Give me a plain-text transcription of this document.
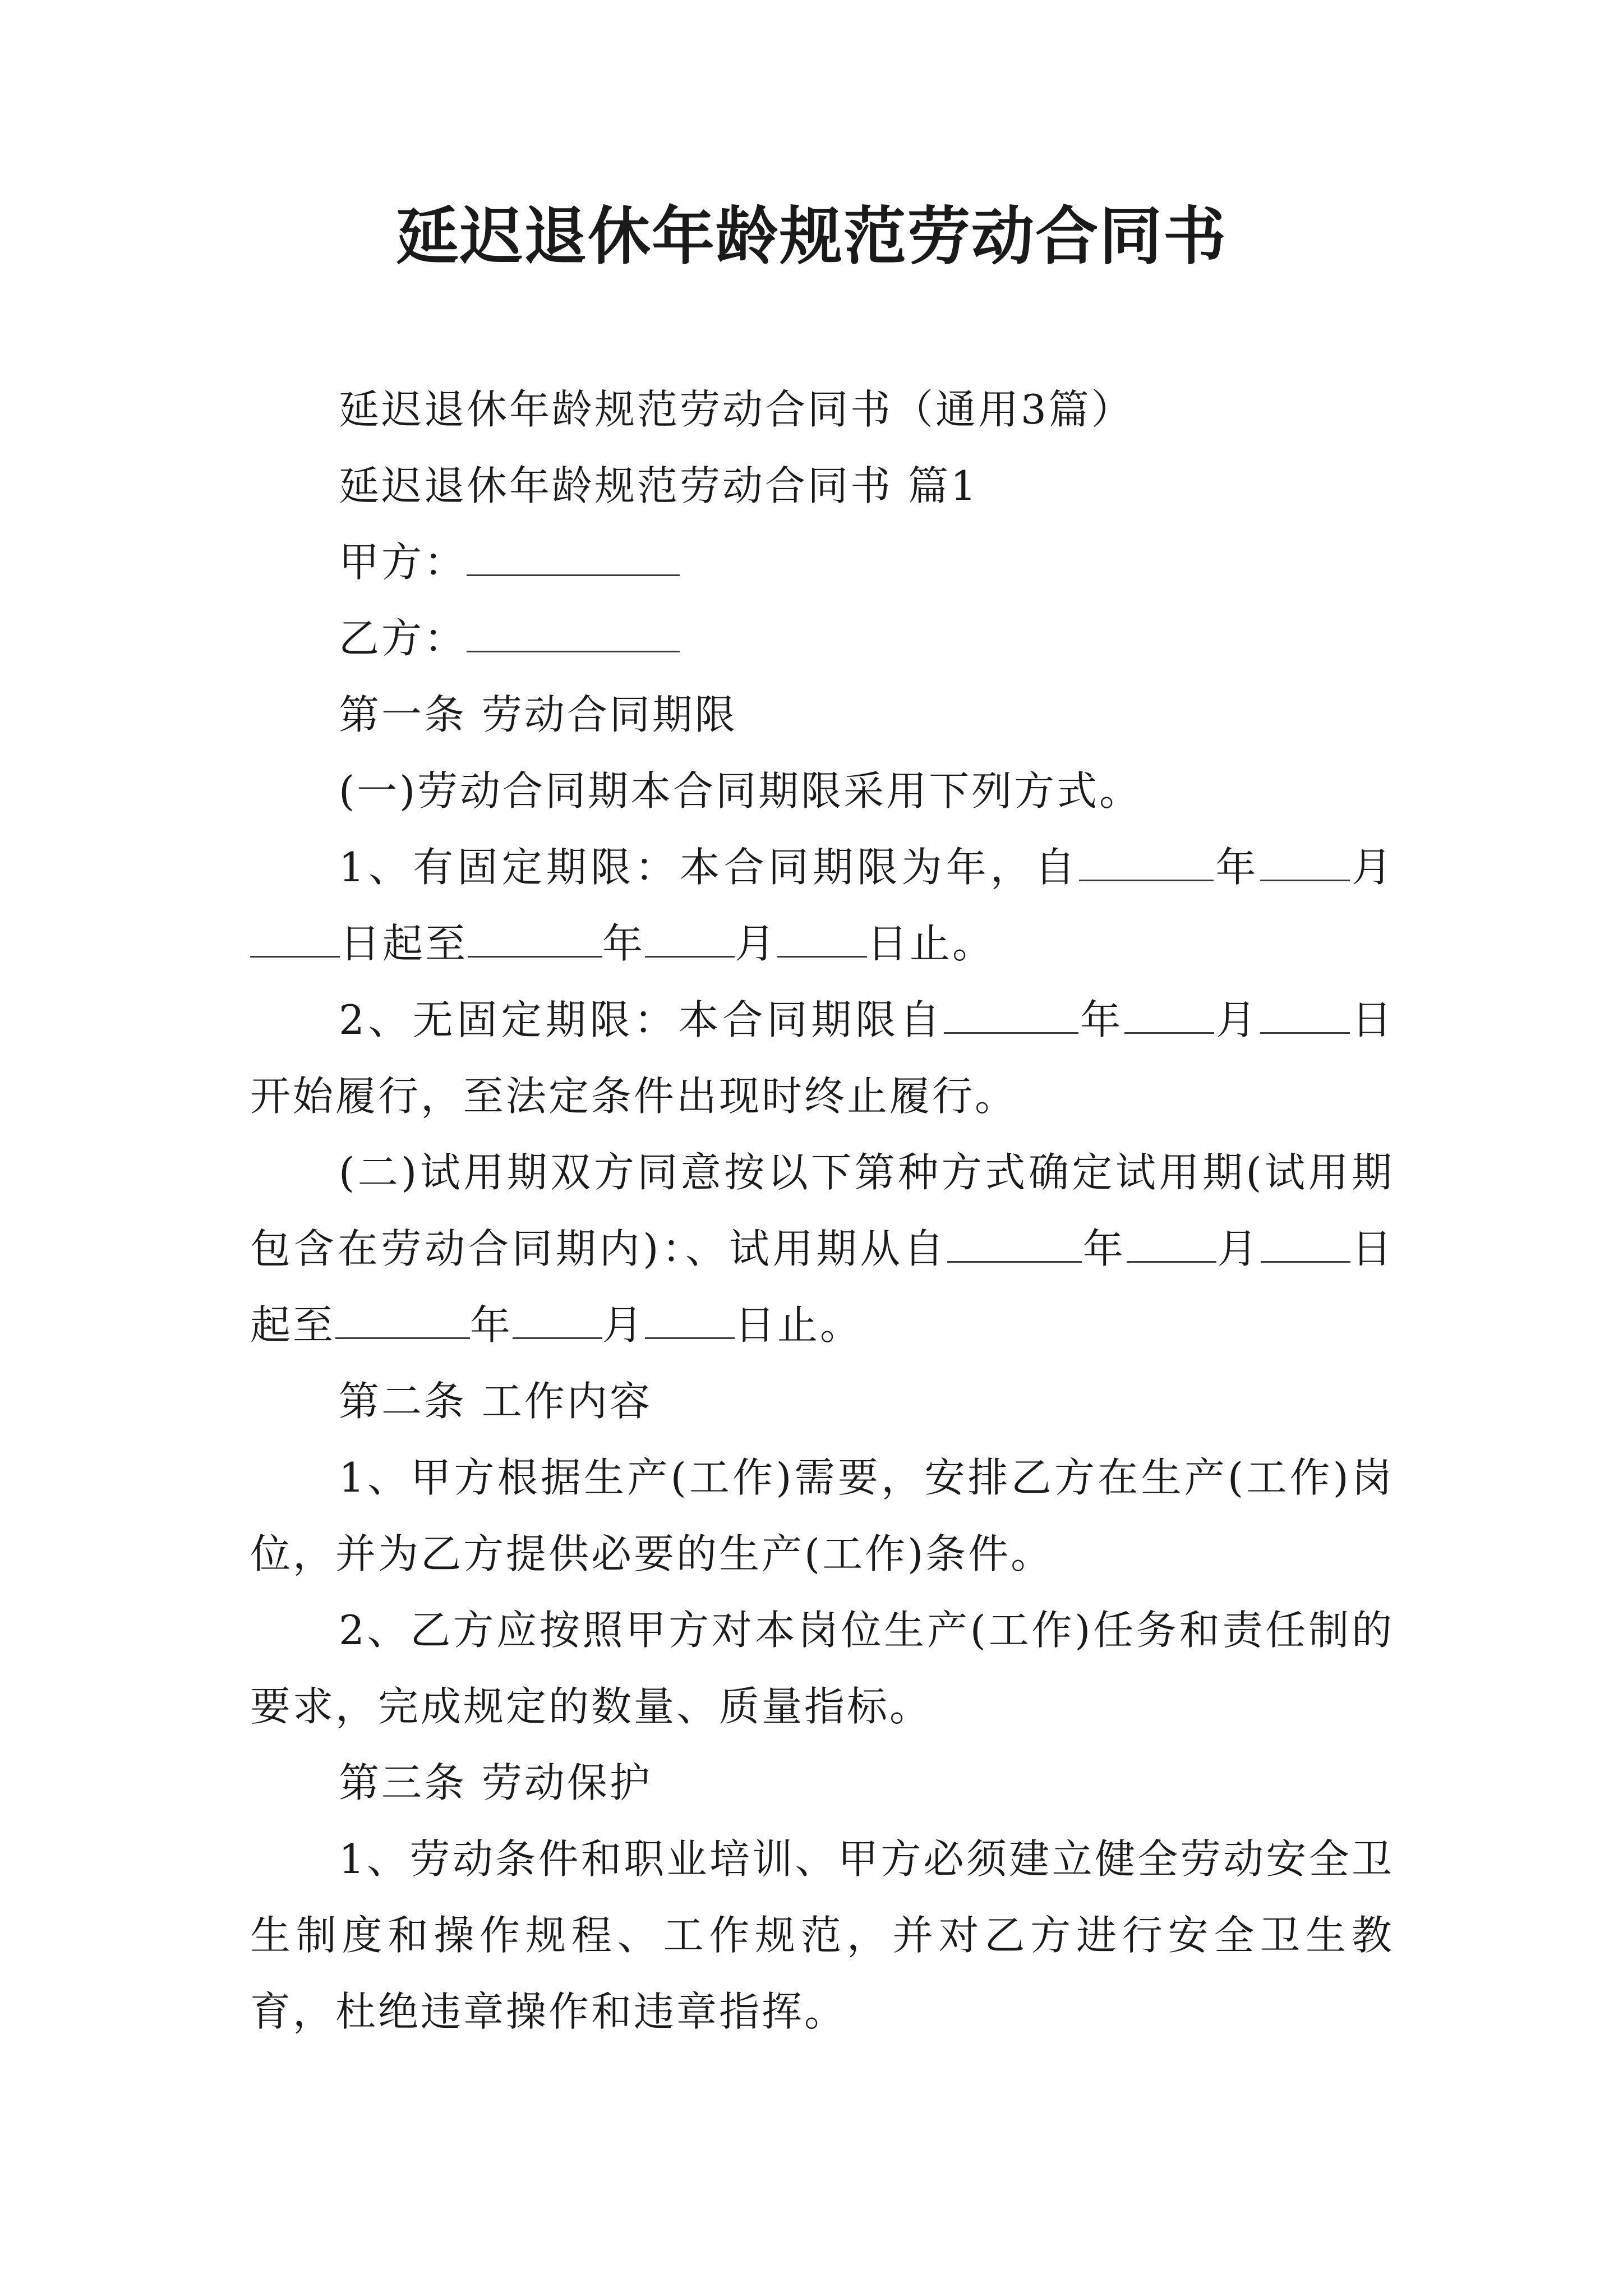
延迟退休年龄规范劳动合同书

延迟退休年龄规范劳动合同书（通用3篇）

延迟退休年龄规范劳动合同书 篇1

甲方：

乙方：

第一条 劳动合同期限

(一)劳动合同期本合同期限采用下列方式。

1、有固定期限：本合同期限为年，自	年 月日起至	年 月 日止。

2、无固定期限：本合同期限自	年 月 日开始履行，至法定条件出现时终止履行。

(二)试用期双方同意按以下第种方式确定试用期(试用期包含在劳动合同期内)：、试用期从自	年 月 日起至	年 月 日止。

第二条 工作内容

1、甲方根据生产(工作)需要，安排乙方在生产(工作)岗位，并为乙方提供必要的生产(工作)条件。

2、乙方应按照甲方对本岗位生产(工作)任务和责任制的要求，完成规定的数量、质量指标。

第三条 劳动保护

1、劳动条件和职业培训、甲方必须建立健全劳动安全卫生制度和操作规程、工作规范，并对乙方进行安全卫生教育，杜绝违章操作和违章指挥。
